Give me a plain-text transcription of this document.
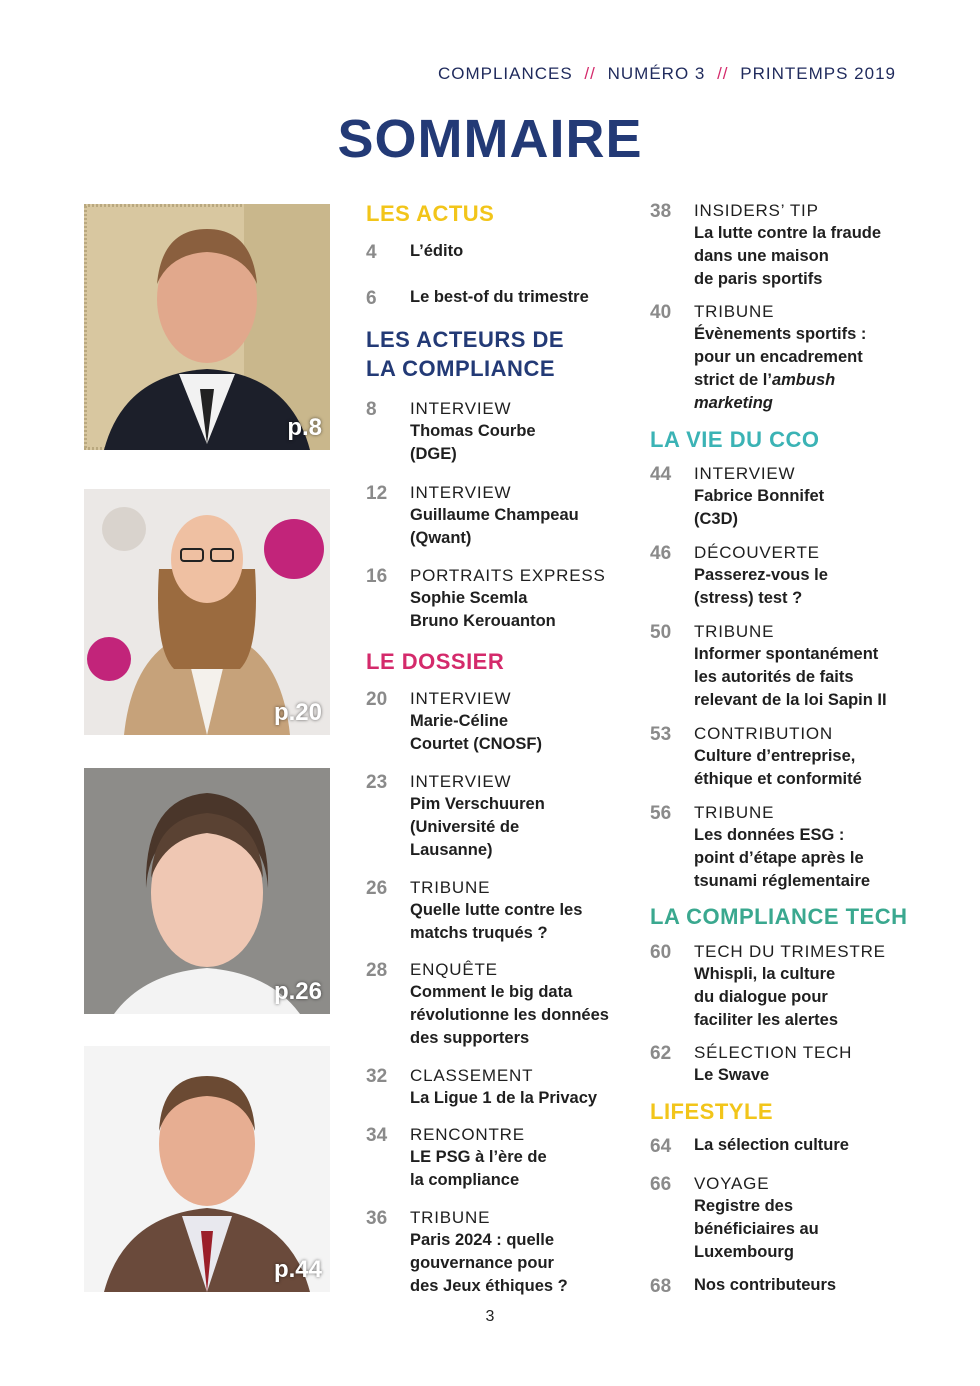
COMPLIANCES // NUMÉRO 3 // PRINTEMPS 2019
SOMMAIRE
p.8
p.20
p.26
p.44
LES ACTUS
4 L’édito
6 Le best-of du trimestre
LES ACTEURS DE
LA COMPLIANCE
8 INTERVIEW
Thomas Courbe
(DGE)
12 INTERVIEW
Guillaume Champeau
(Qwant)
16 PORTRAITS EXPRESS
Sophie Scemla
Bruno Kerouanton
LE DOSSIER
20 INTERVIEW
Marie-Céline
Courtet (CNOSF)
23 INTERVIEW
Pim Verschuuren
(Université de
Lausanne)
26 TRIBUNE
Quelle lutte contre les
matchs truqués ?
28 ENQUÊTE
Comment le big data
révolutionne les données
des supporters
32 CLASSEMENT
La Ligue 1 de la Privacy
34 RENCONTRE
LE PSG à l’ère de
la compliance
36 TRIBUNE
Paris 2024 : quelle
gouvernance pour
des Jeux éthiques ?
38 INSIDERS’ TIP
La lutte contre la fraude
dans une maison
de paris sportifs
40 TRIBUNE
Évènements sportifs :
pour un encadrement
strict de l’ambush
marketing
LA VIE DU CCO
44 INTERVIEW
Fabrice Bonnifet
(C3D)
46 DÉCOUVERTE
Passerez-vous le
(stress) test ?
50 TRIBUNE
Informer spontanément
les autorités de faits
relevant de la loi Sapin II
53 CONTRIBUTION
Culture d’entreprise,
éthique et conformité
56 TRIBUNE
Les données ESG :
point d’étape après le
tsunami réglementaire
LA COMPLIANCE TECH
60 TECH DU TRIMESTRE
Whispli, la culture
du dialogue pour
faciliter les alertes
62 SÉLECTION TECH
Le Swave
LIFESTYLE
64 La sélection culture
66 VOYAGE
Registre des
bénéficiaires au
Luxembourg
68 Nos contributeurs
3
